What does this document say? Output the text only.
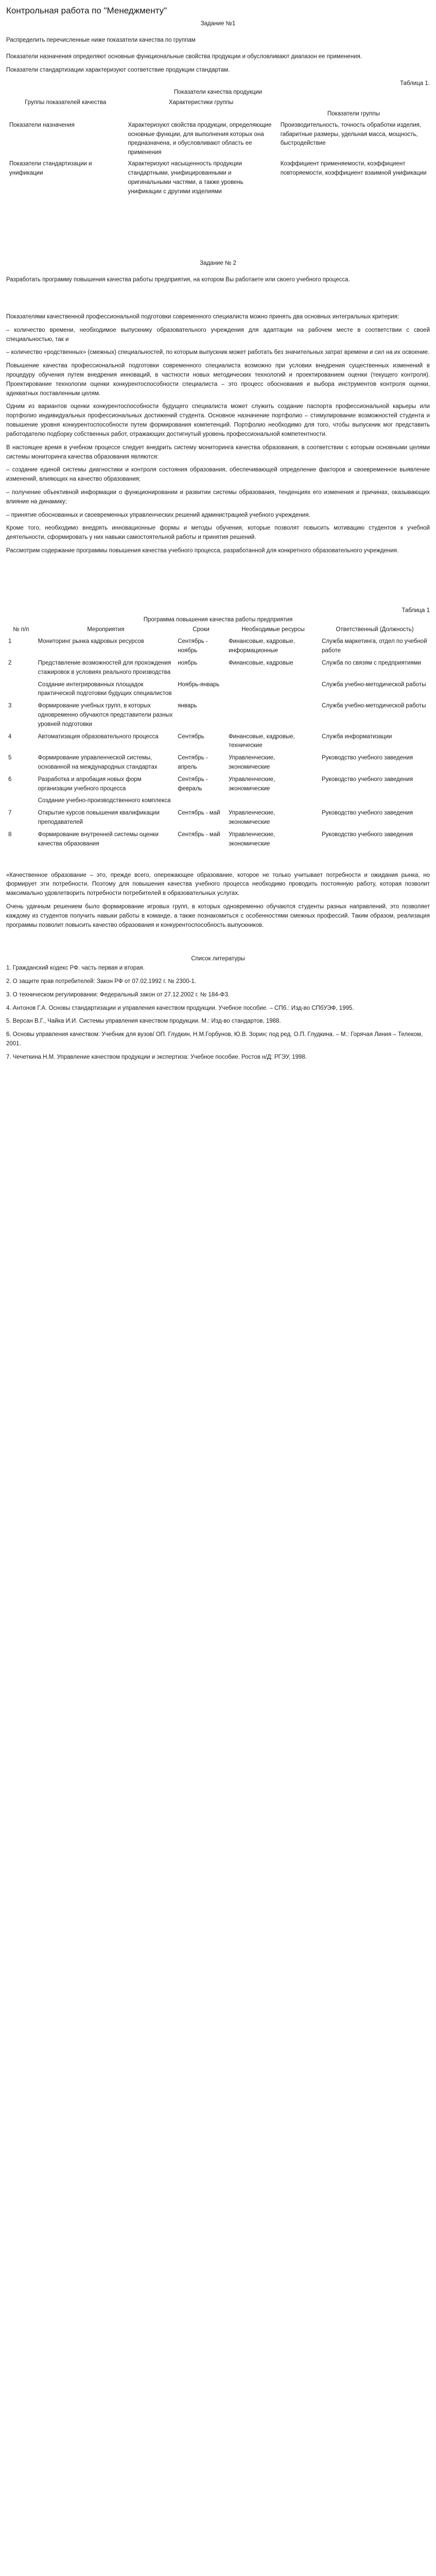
Контрольная работа по "Менеджменту"
Задание №1

Распределить перечисленные ниже показатели качества по группам

Показатели назначения определяют основные функциональные свойства продукции и обусловливают диапазон ее применения.

Показатели стандартизации характеризуют соответствие продукции стандартам.

Таблица 1.
Показатели качества продукции
Группы показателей качества	Характеристики группы	
		Показатели группы
Показатели назначения	Характеризуют свойства продукции, определяющие основные функции, для выполнения которых она предназначена, и обусловливают область ее применения	Производительность, точность обработки изделия, габаритные размеры, удельная масса, мощность, быстродействие
Показатели стандартизации и унификации	Характеризуют насыщенность продукции стандартными, унифицированными и оригинальными частями, а также уровень унификации с другими изделиями	Коэффициент применяемости, коэффициент повторяемости, коэффициент взаимной унификации
Задание № 2

Разработать программу повышения качества работы предприятия, на котором Вы работаете или своего учебного процесса.

Показателями качественной профессиональной подготовки современного специалиста можно принять два основных интегральных критерия:

– количество времени, необходимое выпускнику образовательного учреждения для адаптации на рабочем месте в соответствии с своей специальностью, так и

– количество «родственных» (смежных) специальностей, по которым выпускник может работать без значительных затрат времени и сил на их освоение.

Повышение качества профессиональной подготовки современного специалиста возможно при условии внедрения существенных изменений в процедуру обучения путем внедрения инноваций, в частности новых методических технологий и проектированием оценки (текущего контроля). Проектирование технологии оценки конкурентоспособности специалиста – это процесс обоснования и выбора инструментов контроля оценки, адекватных поставленным целям.

Одним из вариантов оценки конкурентоспособности будущего специалиста может служить создание паспорта профессиональной карьеры или портфолио индивидуальных профессиональных достижений студента. Основное назначение портфолио – стимулирование возможностей студента и повышение уровня конкурентоспособности путем формирования компетенций. Портфолио необходимо для того, чтобы выпускник мог представить работодателю подборку собственных работ, отражающих достигнутый уровень профессиональной компетентности.

В настоящее время в учебном процессе следует внедрить систему мониторинга качества образования, в соответствии с которым основными целями системы мониторинга качества образования являются:

– создание единой системы диагностики и контроля состояния образования, обеспечивающей определение факторов и своевременное выявление изменений, влияющих на качество образования;

– получение объективной информации о функционировании и развитии системы образования, тенденциях его изменения и причинах, оказывающих влияние на динамику;

– принятие обоснованных и своевременных управленческих решений администрацией учебного учреждения.

Кроме того, необходимо внедрять инновационные формы и методы обучения, которые позволят повысить мотивацию студентов к учебной деятельности, сформировать у них навыки самостоятельной работы и принятия решений.

Рассмотрим содержание программы повышения качества учебного процесса, разработанной для конкретного образовательного учреждения.

Таблица 1
Программа повышения качества работы предприятия
№ п/п	Мероприятия	Сроки	Необходимые ресурсы	Ответственный (Должность)
1	Мониторинг рынка кадровых ресурсов	Сентябрь - ноябрь	Финансовые, кадровые, информационные	Служба маркетинга, отдел по учебной работе
2	Представление возможностей для прохождения стажировок в условиях реального производства	ноябрь	Финансовые, кадровые	Служба по связям с предприятиями
	Создание интегрированных площадок практической подготовки будущих специалистов	Ноябрь-январь		Служба учебно-методической работы
3	Формирование учебных групп, в которых одновременно обучаются представители разных уровней подготовки	январь		Служба учебно-методической работы
4	Автоматизация образовательного процесса	Сентябрь	Финансовые, кадровые, технические	Служба информатизации
5	Формирование управленческой системы, основанной на международных стандартах	Сентябрь - апрель	Управленческие, экономические	Руководство учебного заведения
6	Разработка и апробация новых форм организации учебного процесса	Сентябрь - февраль	Управленческие, экономические	Руководство учебного заведения
	Создание учебно-производственного комплекса			
7	Открытие курсов повышения квалификации преподавателей	Сентябрь - май	Управленческие, экономические	Руководство учебного заведения
8	Формирование внутренней системы оценки качества образования	Сентябрь - май	Управленческие, экономические	Руководство учебного заведения

«Качественное образование – это, прежде всего, опережающее образование, которое не только учитывает потребности и ожидания рынка, но формирует эти потребности. Поэтому для повышения качества учебного процесса необходимо проводить постоянную работу, которая позволит максимально удовлетворить потребности потребителей в образовательных услугах.

Очень удачным решением было формирование игровых групп, в которых одновременно обучаются студенты разных направлений, это позволяет каждому из студентов получить навыки работы в команде, а также познакомиться с особенностями смежных профессий. Таким образом, реализация программы позволит повысить качество образования и конкурентоспособность выпускников.

Список литературы

1. Гражданский кодекс РФ. часть первая и вторая.

2. О защите прав потребителей: Закон РФ от 07.02.1992 г. № 2300-1.

3. О техническом регулировании: Федеральный закон от 27.12.2002 г. № 184-ФЗ.

4. Антонов Г.А. Основы стандартизации и управления качеством продукции. Учебное пособие. – СПб.: Изд-во СПбУЭФ, 1995.

5. Версан В.Г., Чайка И.И. Системы управления качеством продукции. М.: Изд-во стандартов, 1988.

6. Основы управления качеством: Учебник для вузов/ ОП. Глудкин, Н.М.Горбунов, Ю.В. Зорин; под ред. О.П. Глудкина. – М.: Горячая Линия – Телеком, 2001.

7. Чечеткина Н.М. Управление качеством продукции и экспертиза: Учебное пособие. Ростов н/Д: РГЭУ, 1998.
